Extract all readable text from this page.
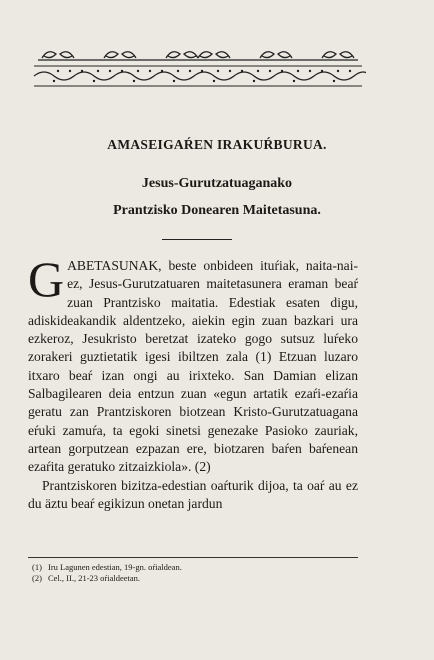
AMASEIGAŔEN IRAKUŔBURUA.
Jesus-Gurutzatuaganako
Prantzisko Donearen Maitetasuna.

GABETASUNAK, beste onbideen ituŕiak, naita-nai-ez, Jesus-Gurutzatuaren maitetasunera eraman beaŕ zuan Prantzisko maitatia. Edestiak esaten digu, adiskideakandik aldentzeko, aiekin egin zuan bazkari ura ezkeroz, Jesukristo beretzat izateko gogo sutsuz luŕeko zorakeri guztietatik igesi ibiltzen zala (1) Etzuan luzaro itxaro beaŕ izan ongi au irixteko. San Damian elizan Salbagilearen deia entzun zuan «egun artatik ezaŕi-ezaŕia geratu zan Prantziskoren biotzean Kristo-Gurutzatuagana eŕuki zamuŕa, ta egoki sinetsi genezake Pasioko zauriak, artean gorputzean ezpazan ere, biotzaren baŕen baŕenean ezaŕita geratuko zitzaizkiola». (2)

Prantziskoren bizitza-edestian oaŕturik dijoa, ta oaŕ au ez du äztu beaŕ egikizun onetan jardun

(1) Iru Lagunen edestian, 19-gn. oŕialdean.
(2) Cel., II., 21-23 oŕialdeetan.
